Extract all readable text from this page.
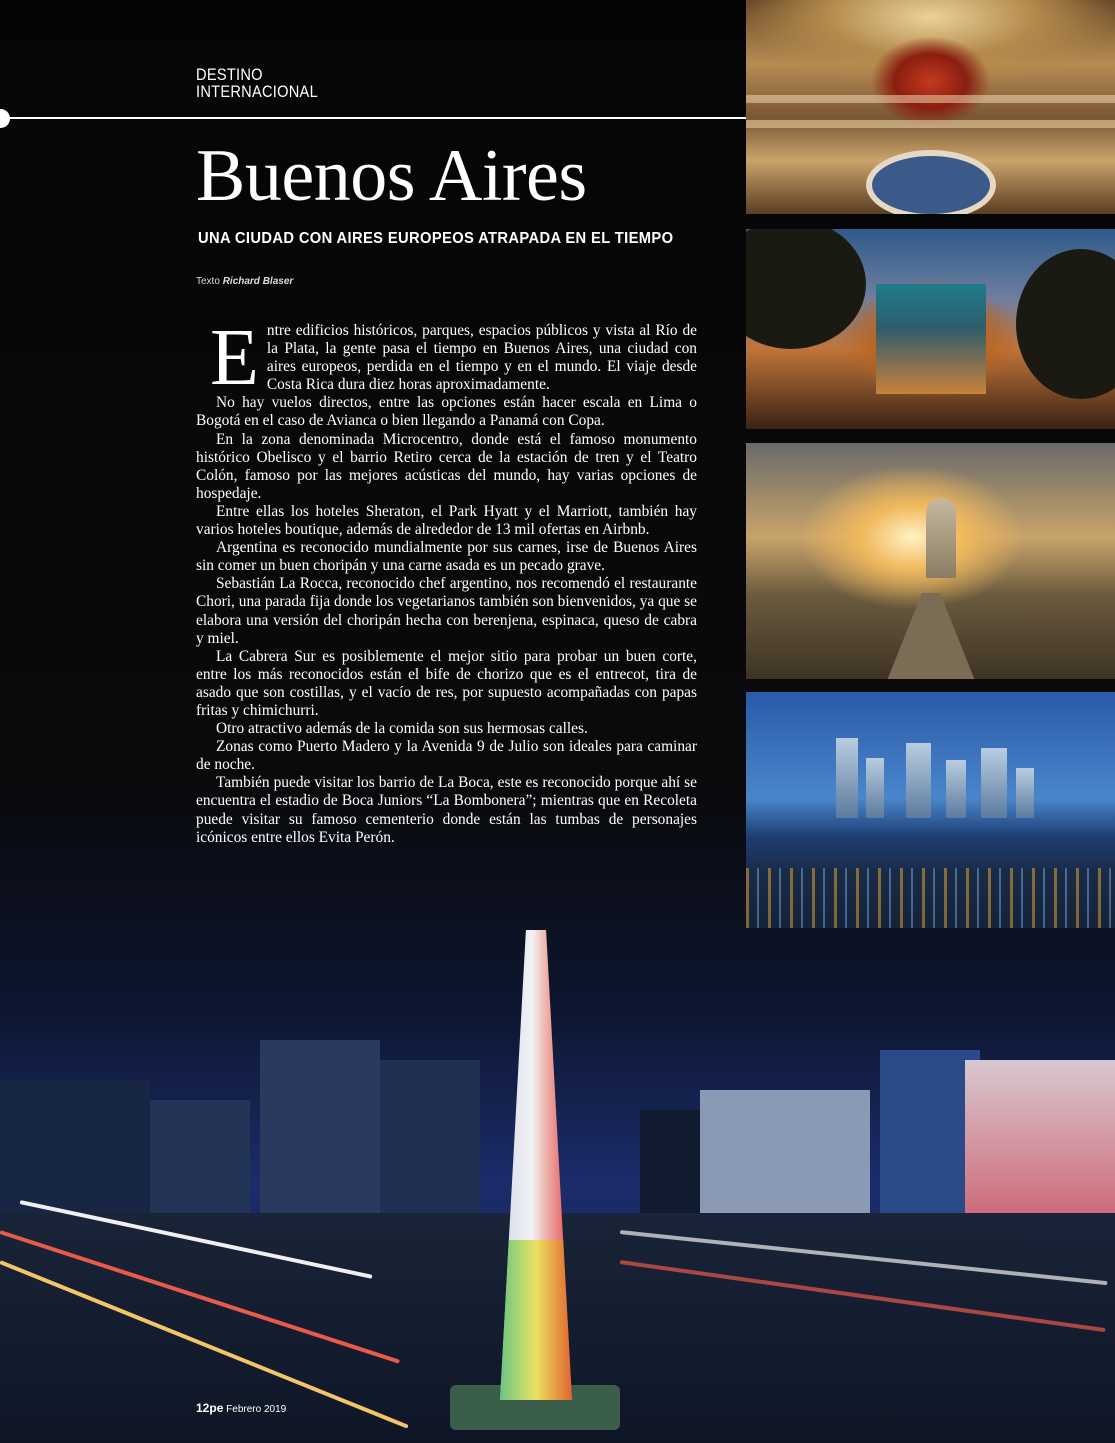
DESTINO
INTERNACIONAL
Buenos Aires
UNA CIUDAD CON AIRES EUROPEOS ATRAPADA EN EL TIEMPO
Texto Richard Blaser

Entre edificios históricos, parques, espacios públicos y vista al Río de la Plata, la gente pasa el tiempo en Buenos Aires, una ciudad con aires europeos, perdida en el tiempo y en el mundo. El viaje desde Costa Rica dura diez horas aproximadamente.

No hay vuelos directos, entre las opciones están hacer escala en Lima o Bogotá en el caso de Avianca o bien llegando a Panamá con Copa.

En la zona denominada Microcentro, donde está el famoso monumento histórico Obelisco y el barrio Retiro cerca de la estación de tren y el Teatro Colón, famoso por las mejores acústicas del mundo, hay varias opciones de hospedaje.

Entre ellas los hoteles Sheraton, el Park Hyatt y el Marriott, también hay varios hoteles boutique, además de alrededor de 13 mil ofertas en Airbnb.

Argentina es reconocido mundialmente por sus carnes, irse de Buenos Aires sin comer un buen choripán y una carne asada es un pecado grave.

Sebastián La Rocca, reconocido chef argentino, nos recomendó el restaurante Chori, una parada fija donde los vegetarianos también son bienvenidos, ya que se elabora una versión del choripán hecha con berenjena, espinaca, queso de cabra y miel.

La Cabrera Sur es posiblemente el mejor sitio para probar un buen corte, entre los más reconocidos están el bife de chorizo que es el entrecot, tira de asado que son costillas, y el vacío de res, por supuesto acompañadas con papas fritas y chimichurri.

Otro atractivo además de la comida son sus hermosas calles.

Zonas como Puerto Madero y la Avenida 9 de Julio son ideales para caminar de noche.

También puede visitar los barrio de La Boca, este es reconocido porque ahí se encuentra el estadio de Boca Juniors “La Bombonera”; mientras que en Recoleta puede visitar su famoso cementerio donde están las tumbas de personajes icónicos entre ellos Evita Perón.

12pe Febrero 2019
